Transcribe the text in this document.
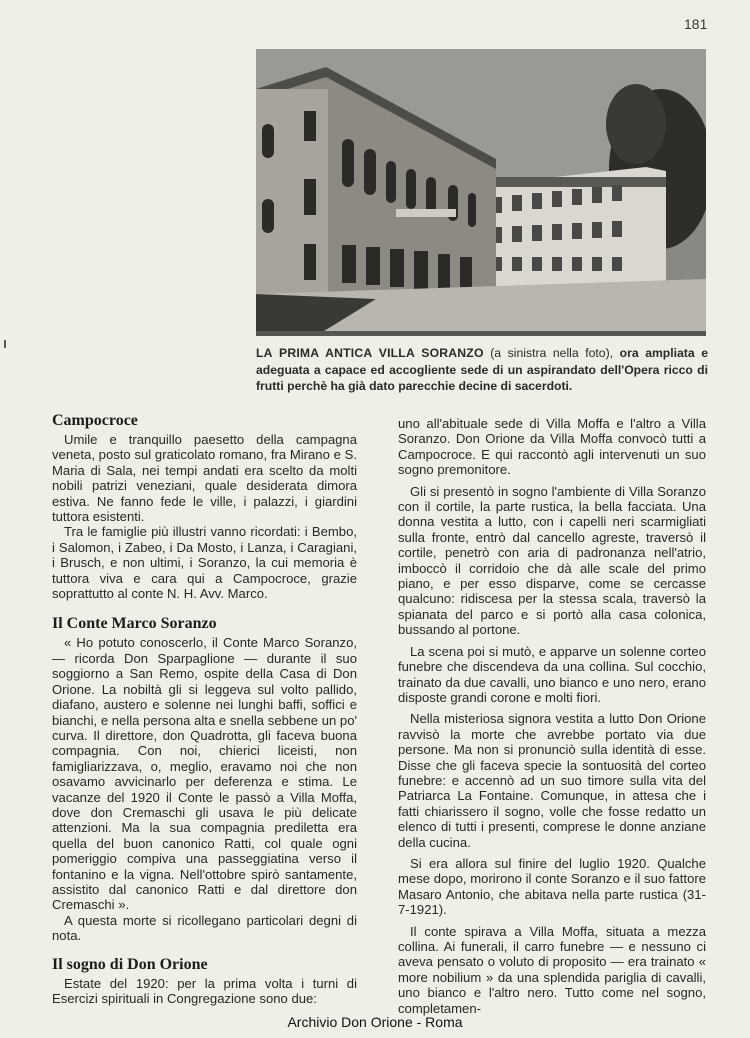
181
LA PRIMA ANTICA VILLA SORANZO (a sinistra nella foto), ora ampliata e adeguata a capace ed accogliente sede di un aspirandato dell'Opera ricco di frutti perchè ha già dato parecchie decine di sacerdoti.
Campocroce

Umile e tranquillo paesetto della campagna veneta, posto sul graticolato romano, fra Mirano e S. Maria di Sala, nei tempi andati era scelto da molti nobili patrizi veneziani, quale desiderata dimora estiva. Ne fanno fede le ville, i palazzi, i giardini tuttora esistenti.

Tra le famiglie più illustri vanno ricordati: i Bembo, i Salomon, i Zabeo, i Da Mosto, i Lanza, i Caragiani, i Brusch, e non ultimi, i Soranzo, la cui memoria è tuttora viva e cara qui a Campocroce, grazie soprattutto al conte N. H. Avv. Marco.

Il Conte Marco Soranzo

« Ho potuto conoscerlo, il Conte Marco Soranzo, — ricorda Don Sparpaglione — durante il suo soggiorno a San Remo, ospite della Casa di Don Orione. La nobiltà gli si leggeva sul volto pallido, diafano, austero e solenne nei lunghi baffi, soffici e bianchi, e nella persona alta e snella sebbene un po' curva. Il direttore, don Quadrotta, gli faceva buona compagnia. Con noi, chierici liceisti, non famigliarizzava, o, meglio, eravamo noi che non osavamo avvicinarlo per deferenza e stima. Le vacanze del 1920 il Conte le passò a Villa Moffa, dove don Cremaschi gli usava le più delicate attenzioni. Ma la sua compagnia prediletta era quella del buon canonico Ratti, col quale ogni pomeriggio compiva una passeggiatina verso il fontanino e la vigna. Nell'ottobre spirò santamente, assistito dal canonico Ratti e dal direttore don Cremaschi ».

A questa morte si ricollegano particolari degni di nota.

Il sogno di Don Orione

Estate del 1920: per la prima volta i turni di Esercizi spirituali in Congregazione sono due:

uno all'abituale sede di Villa Moffa e l'altro a Villa Soranzo. Don Orione da Villa Moffa convocò tutti a Campocroce. E qui raccontò agli intervenuti un suo sogno premonitore.

Gli si presentò in sogno l'ambiente di Villa Soranzo con il cortile, la parte rustica, la bella facciata. Una donna vestita a lutto, con i capelli neri scarmigliati sulla fronte, entrò dal cancello agreste, traversò il cortile, penetrò con aria di padronanza nell'atrio, imboccò il corridoio che dà alle scale del primo piano, e per esso disparve, come se cercasse qualcuno: ridiscesa per la stessa scala, traversò la spianata del parco e si portò alla casa colonica, bussando al portone.

La scena poi si mutò, e apparve un solenne corteo funebre che discendeva da una collina. Sul cocchio, trainato da due cavalli, uno bianco e uno nero, erano disposte grandi corone e molti fiori.

Nella misteriosa signora vestita a lutto Don Orione ravvisò la morte che avrebbe portato via due persone. Ma non si pronunciò sulla identità di esse. Disse che gli faceva specie la sontuosità del corteo funebre: e accennò ad un suo timore sulla vita del Patriarca La Fontaine. Comunque, in attesa che i fatti chiarissero il sogno, volle che fosse redatto un elenco di tutti i presenti, comprese le donne anziane della cucina.

Si era allora sul finire del luglio 1920. Qualche mese dopo, morirono il conte Soranzo e il suo fattore Masaro Antonio, che abitava nella parte rustica (31-7-1921).

Il conte spirava a Villa Moffa, situata a mezza collina. Ai funerali, il carro funebre — e nessuno ci aveva pensato o voluto di proposito — era trainato « more nobilium » da una splendida pariglia di cavalli, uno bianco e l'altro nero. Tutto come nel sogno, completamen-

Archivio Don Orione - Roma
